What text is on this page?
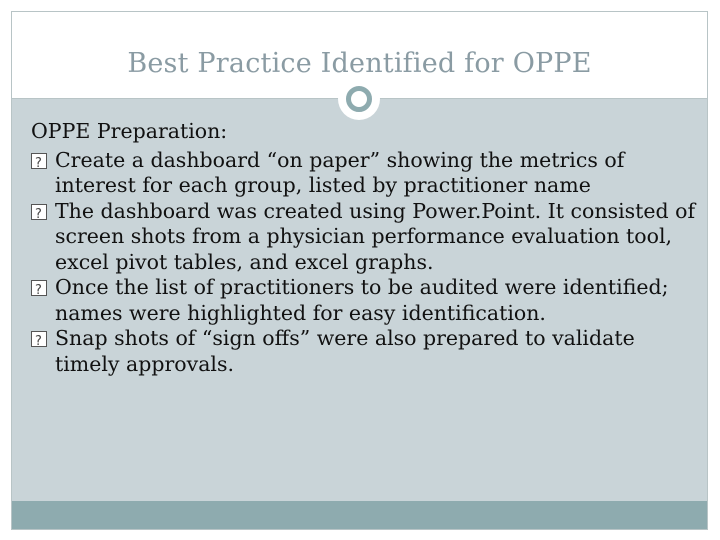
Best Practice Identified for OPPE
OPPE Preparation:

?
Create a dashboard “on paper” showing the metrics of interest for each group, listed by practitioner name

?
The dashboard was created using Power.Point. It consisted of screen shots from a physician performance evaluation tool, excel pivot tables, and excel graphs.

?
Once the list of practitioners to be audited were identified; names were highlighted for easy identification.

?
Snap shots of “sign offs” were also prepared to validate timely approvals.
